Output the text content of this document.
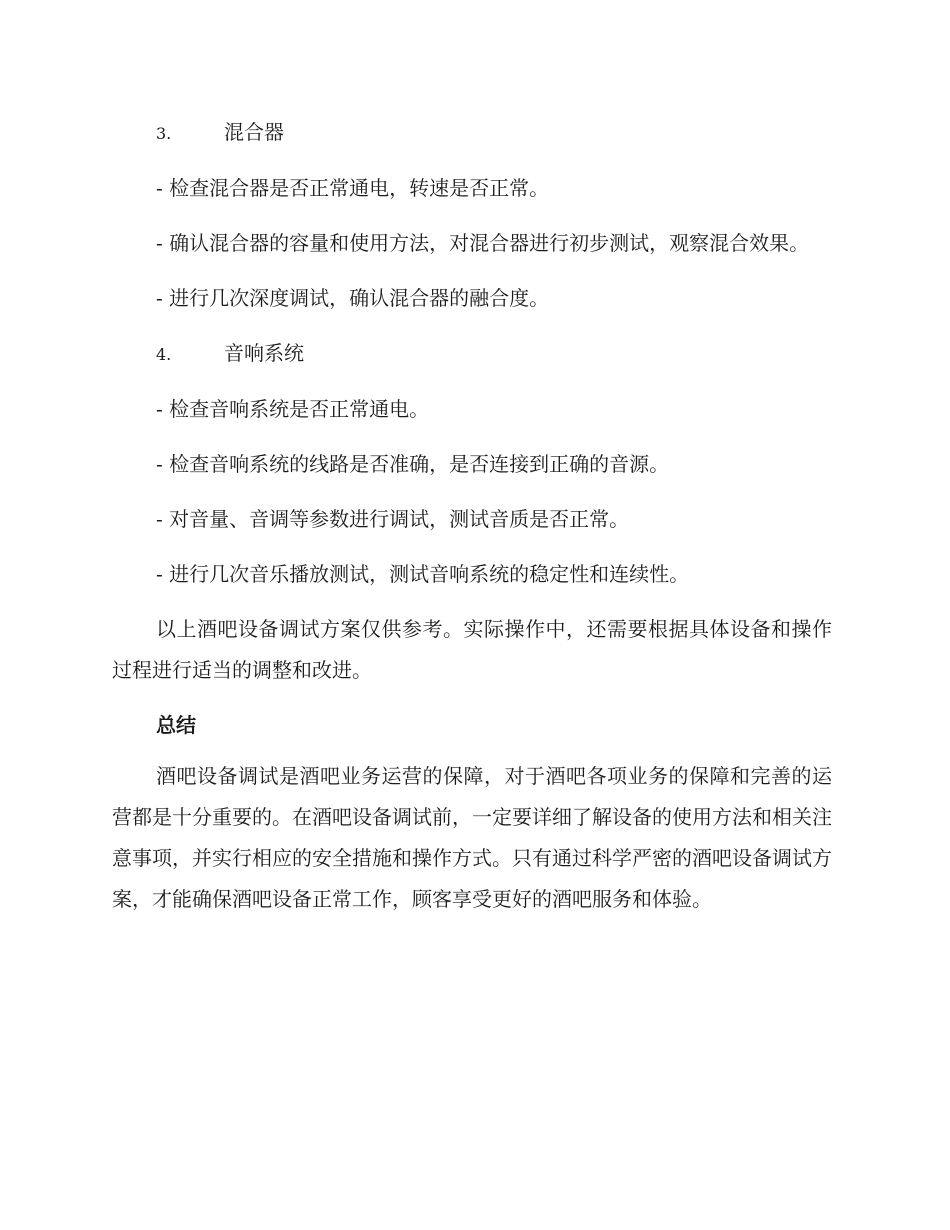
3.	混合器

- 检查混合器是否正常通电，转速是否正常。

- 确认混合器的容量和使用方法，对混合器进行初步测试，观察混合效果。

- 进行几次深度调试，确认混合器的融合度。

4.	音响系统

- 检查音响系统是否正常通电。

- 检查音响系统的线路是否准确，是否连接到正确的音源。

- 对音量、音调等参数进行调试，测试音质是否正常。

- 进行几次音乐播放测试，测试音响系统的稳定性和连续性。

以上酒吧设备调试方案仅供参考。实际操作中，还需要根据具体设备和操作过程进行适当的调整和改进。

总结

酒吧设备调试是酒吧业务运营的保障，对于酒吧各项业务的保障和完善的运营都是十分重要的。在酒吧设备调试前，一定要详细了解设备的使用方法和相关注意事项，并实行相应的安全措施和操作方式。只有通过科学严密的酒吧设备调试方案，才能确保酒吧设备正常工作，顾客享受更好的酒吧服务和体验。
